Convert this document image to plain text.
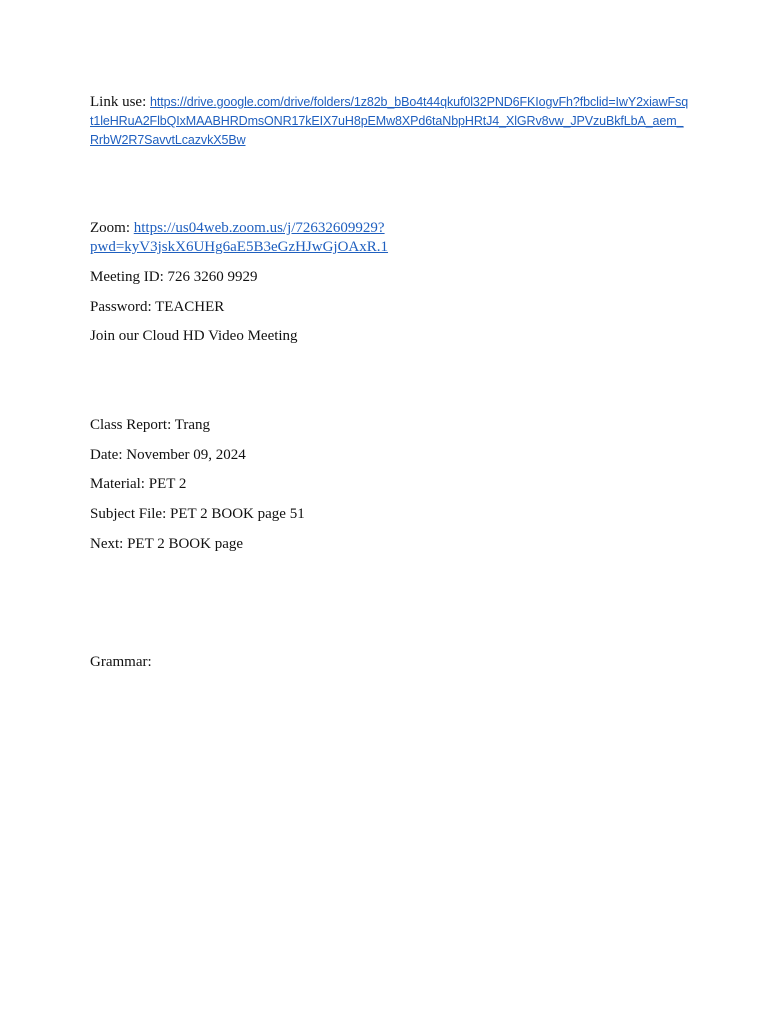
Link use: https://drive.google.com/drive/folders/1z82b_bBo4t44qkuf0l32PND6FKIogvFh?fbclid=IwY2xiawFsqt1leHRuA2FlbQIxMAABHRDmsONR17kEIX7uH8pEMw8XPd6taNbpHRtJ4_XlGRv8vw_JPVzuBkfLbA_aem_RrbW2R7SavvtLcazvkX5Bw
Zoom: https://us04web.zoom.us/j/72632609929?
pwd=kyV3jskX6UHg6aE5B3eGzHJwGjOAxR.1
Meeting ID: 726 3260 9929
Password: TEACHER
Join our Cloud HD Video Meeting
Class Report: Trang
Date: November 09, 2024
Material: PET 2
Subject File: PET 2 BOOK page 51
Next: PET 2 BOOK page
Grammar:
